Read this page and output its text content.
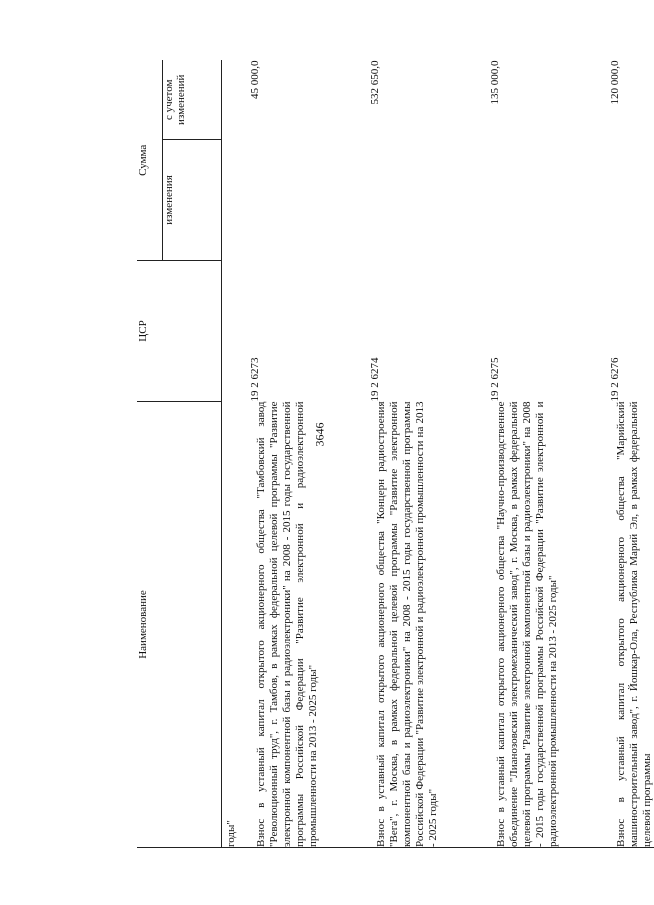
3646
Наименование	ЦСР	Сумма	
		изменения	с учетом изменений
годы"			
Взнос в уставный капитал открытого акционерного общества "Тамбовский завод "Революционный труд", г. Тамбов, в рамках федеральной целевой программы "Развитие электронной компонентной базы и радиоэлектроники" на 2008 - 2015 годы государственной программы Российской Федерации "Развитие электронной и радиоэлектронной промышленности на 2013 - 2025 годы"	19 2 6273		45 000,0
Взнос в уставный капитал открытого акционерного общества "Концерн радиостроения "Вега", г. Москва, в рамках федеральной целевой программы "Развитие электронной компонентной базы и радиоэлектроники" на 2008 - 2015 годы государственной программы Российской Федерации "Развитие электронной и радиоэлектронной промышленности на 2013 - 2025 годы"	19 2 6274		532 650,0
Взнос в уставный капитал открытого акционерного общества "Научно-производственное объединение "Лианозовский электромеханический завод", г. Москва, в рамках федеральной целевой программы "Развитие электронной компонентной базы и радиоэлектроники" на 2008 - 2015 годы государственной программы Российской Федерации "Развитие электронной и радиоэлектронной промышленности на 2013 - 2025 годы"	19 2 6275		135 000,0
Взнос в уставный капитал открытого акционерного общества "Марийский машиностроительный завод", г. Йошкар-Ола, Республика Марий Эл, в рамках федеральной целевой программы	19 2 6276		120 000,0
